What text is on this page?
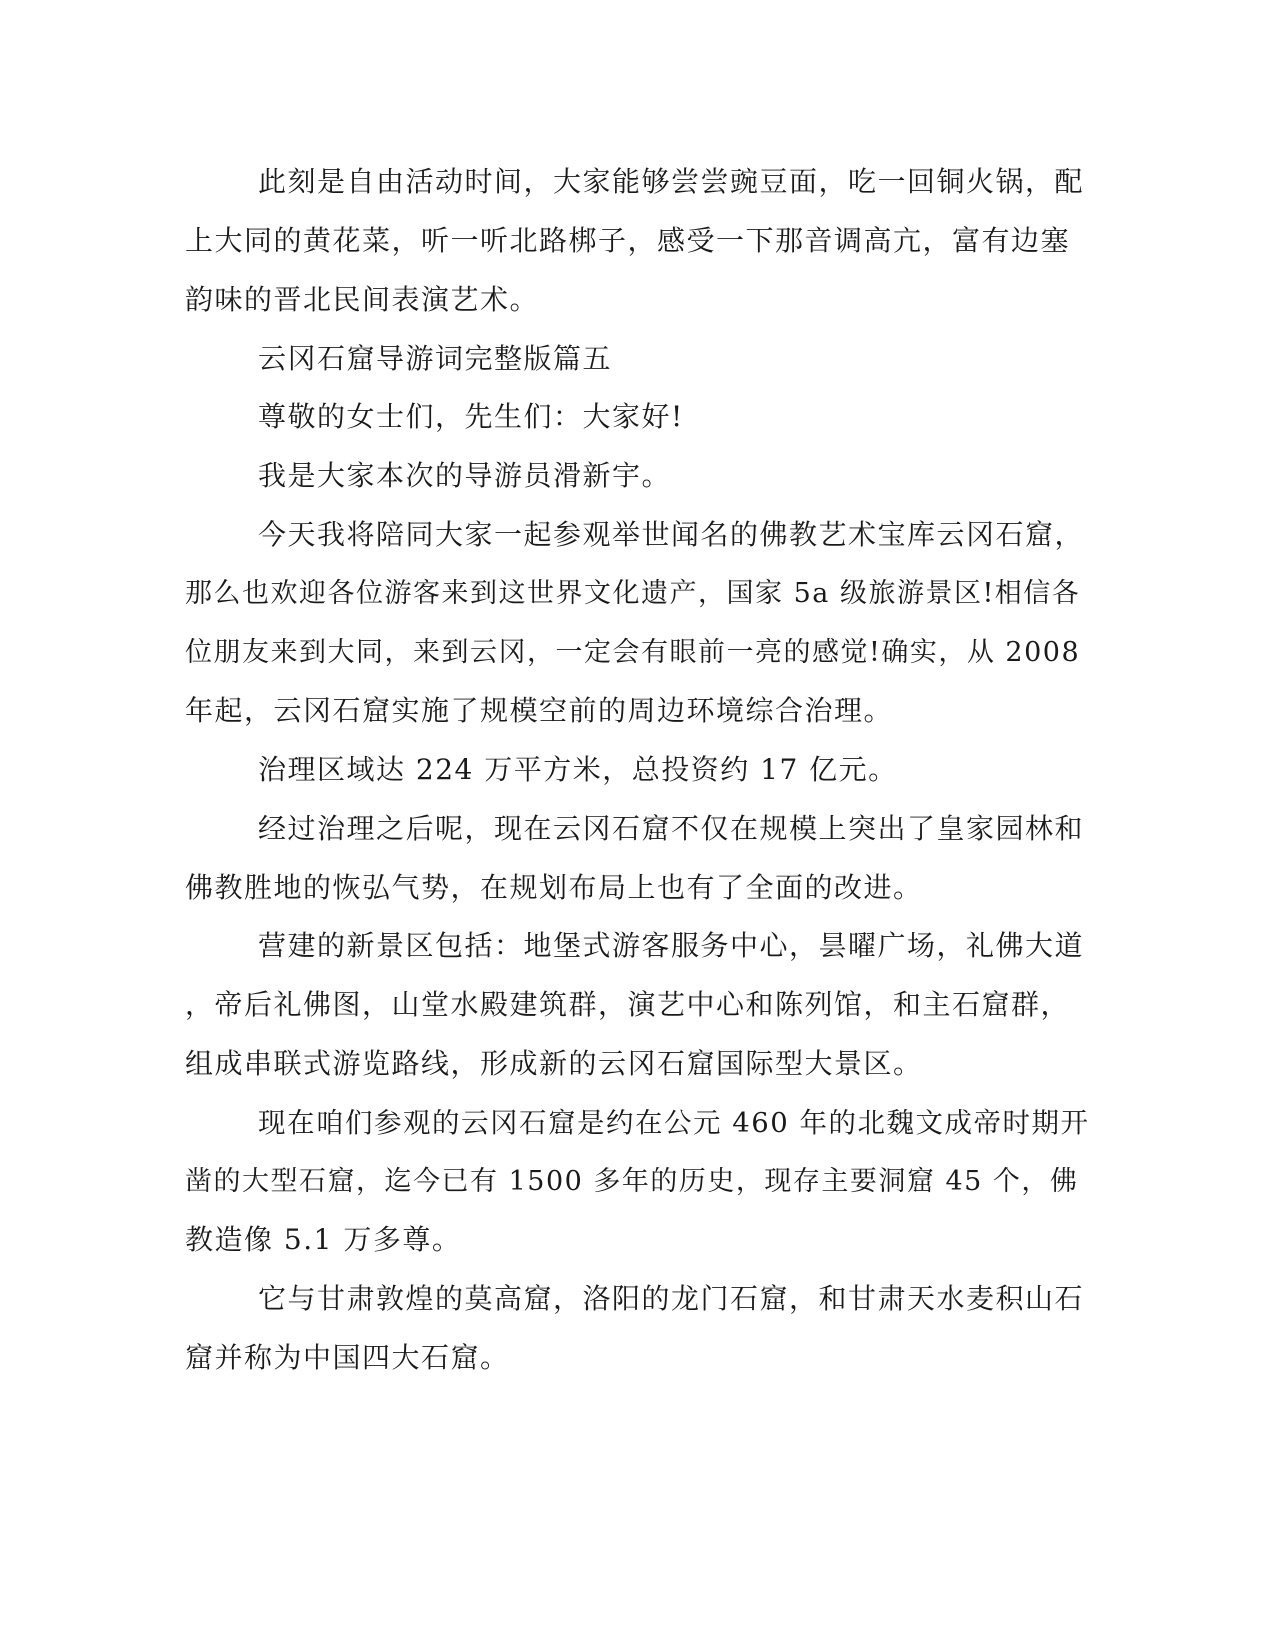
此刻是自由活动时间，大家能够尝尝豌豆面，吃一回铜火锅，配
上大同的黄花菜，听一听北路梆子，感受一下那音调高亢，富有边塞
韵味的晋北民间表演艺术。
云冈石窟导游词完整版篇五
尊敬的女士们，先生们：大家好!
我是大家本次的导游员滑新宇。
今天我将陪同大家一起参观举世闻名的佛教艺术宝库云冈石窟，
那么也欢迎各位游客来到这世界文化遗产，国家 5a 级旅游景区!相信各
位朋友来到大同，来到云冈，一定会有眼前一亮的感觉!确实，从 2008
年起，云冈石窟实施了规模空前的周边环境综合治理。
治理区域达 224 万平方米，总投资约 17 亿元。
经过治理之后呢，现在云冈石窟不仅在规模上突出了皇家园林和
佛教胜地的恢弘气势，在规划布局上也有了全面的改进。
营建的新景区包括：地堡式游客服务中心，昙曜广场，礼佛大道
，帝后礼佛图，山堂水殿建筑群，演艺中心和陈列馆，和主石窟群，
组成串联式游览路线，形成新的云冈石窟国际型大景区。
现在咱们参观的云冈石窟是约在公元 460 年的北魏文成帝时期开
凿的大型石窟，迄今已有 1500 多年的历史，现存主要洞窟 45 个，佛
教造像 5.1 万多尊。
它与甘肃敦煌的莫高窟，洛阳的龙门石窟，和甘肃天水麦积山石
窟并称为中国四大石窟。
